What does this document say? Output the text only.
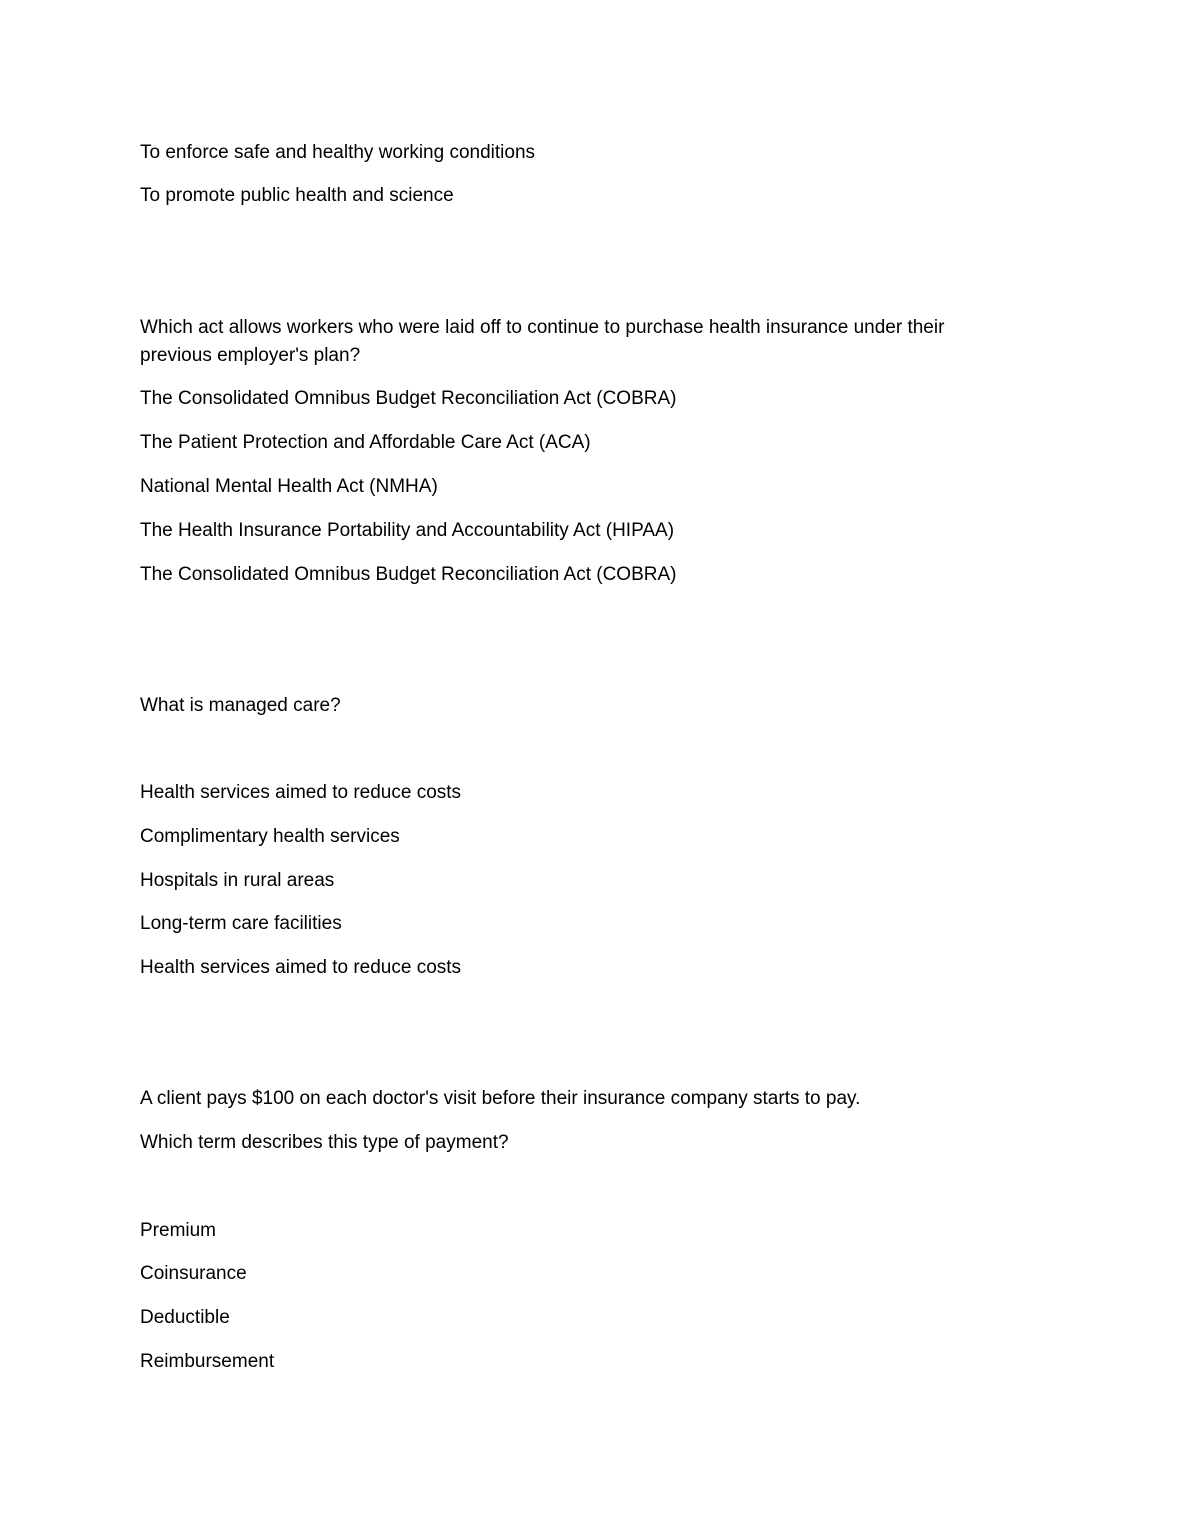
To enforce safe and healthy working conditions
To promote public health and science
Which act allows workers who were laid off to continue to purchase health insurance under their previous employer's plan?
The Consolidated Omnibus Budget Reconciliation Act (COBRA)
The Patient Protection and Affordable Care Act (ACA)
National Mental Health Act (NMHA)
The Health Insurance Portability and Accountability Act (HIPAA)
The Consolidated Omnibus Budget Reconciliation Act (COBRA)
What is managed care?
Health services aimed to reduce costs
Complimentary health services
Hospitals in rural areas
Long-term care facilities
Health services aimed to reduce costs
A client pays $100 on each doctor's visit before their insurance company starts to pay.
Which term describes this type of payment?
Premium
Coinsurance
Deductible
Reimbursement
